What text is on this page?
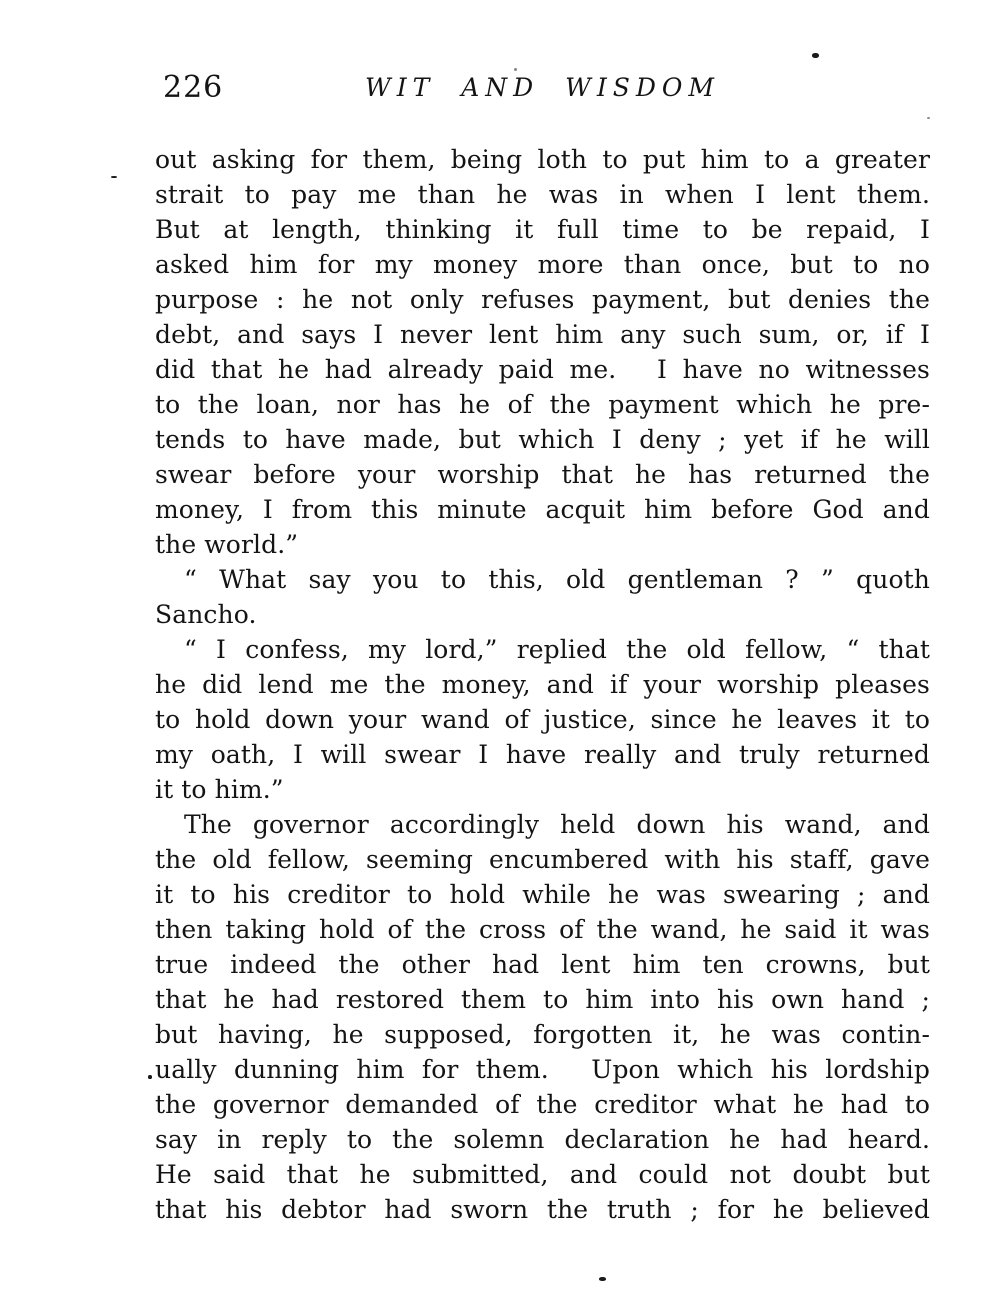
226	WIT AND WISDOM
out asking for them, being loth to put him to a greater
strait to pay me than he was in when I lent them.
But at length, thinking it full time to be repaid, I
asked him for my money more than once, but to no
purpose : he not only refuses payment, but denies the
debt, and says I never lent him any such sum, or, if I
did that he had already paid me.  I have no witnesses
to the loan, nor has he of the payment which he pre-
tends to have made, but which I deny ; yet if he will
swear before your worship that he has returned the
money, I from this minute acquit him before God and
the world.”
“ What say you to this, old gentleman ? ” quoth
Sancho.
“ I confess, my lord,” replied the old fellow, “ that
he did lend me the money, and if your worship pleases
to hold down your wand of justice, since he leaves it to
my oath, I will swear I have really and truly returned
it to him.”
The governor accordingly held down his wand, and
the old fellow, seeming encumbered with his staff, gave
it to his creditor to hold while he was swearing ; and
then taking hold of the cross of the wand, he said it was
true indeed the other had lent him ten crowns, but
that he had restored them to him into his own hand ;
but having, he supposed, forgotten it, he was contin-
ually dunning him for them.  Upon which his lordship
the governor demanded of the creditor what he had to
say in reply to the solemn declaration he had heard.
He said that he submitted, and could not doubt but
that his debtor had sworn the truth ; for he believed
